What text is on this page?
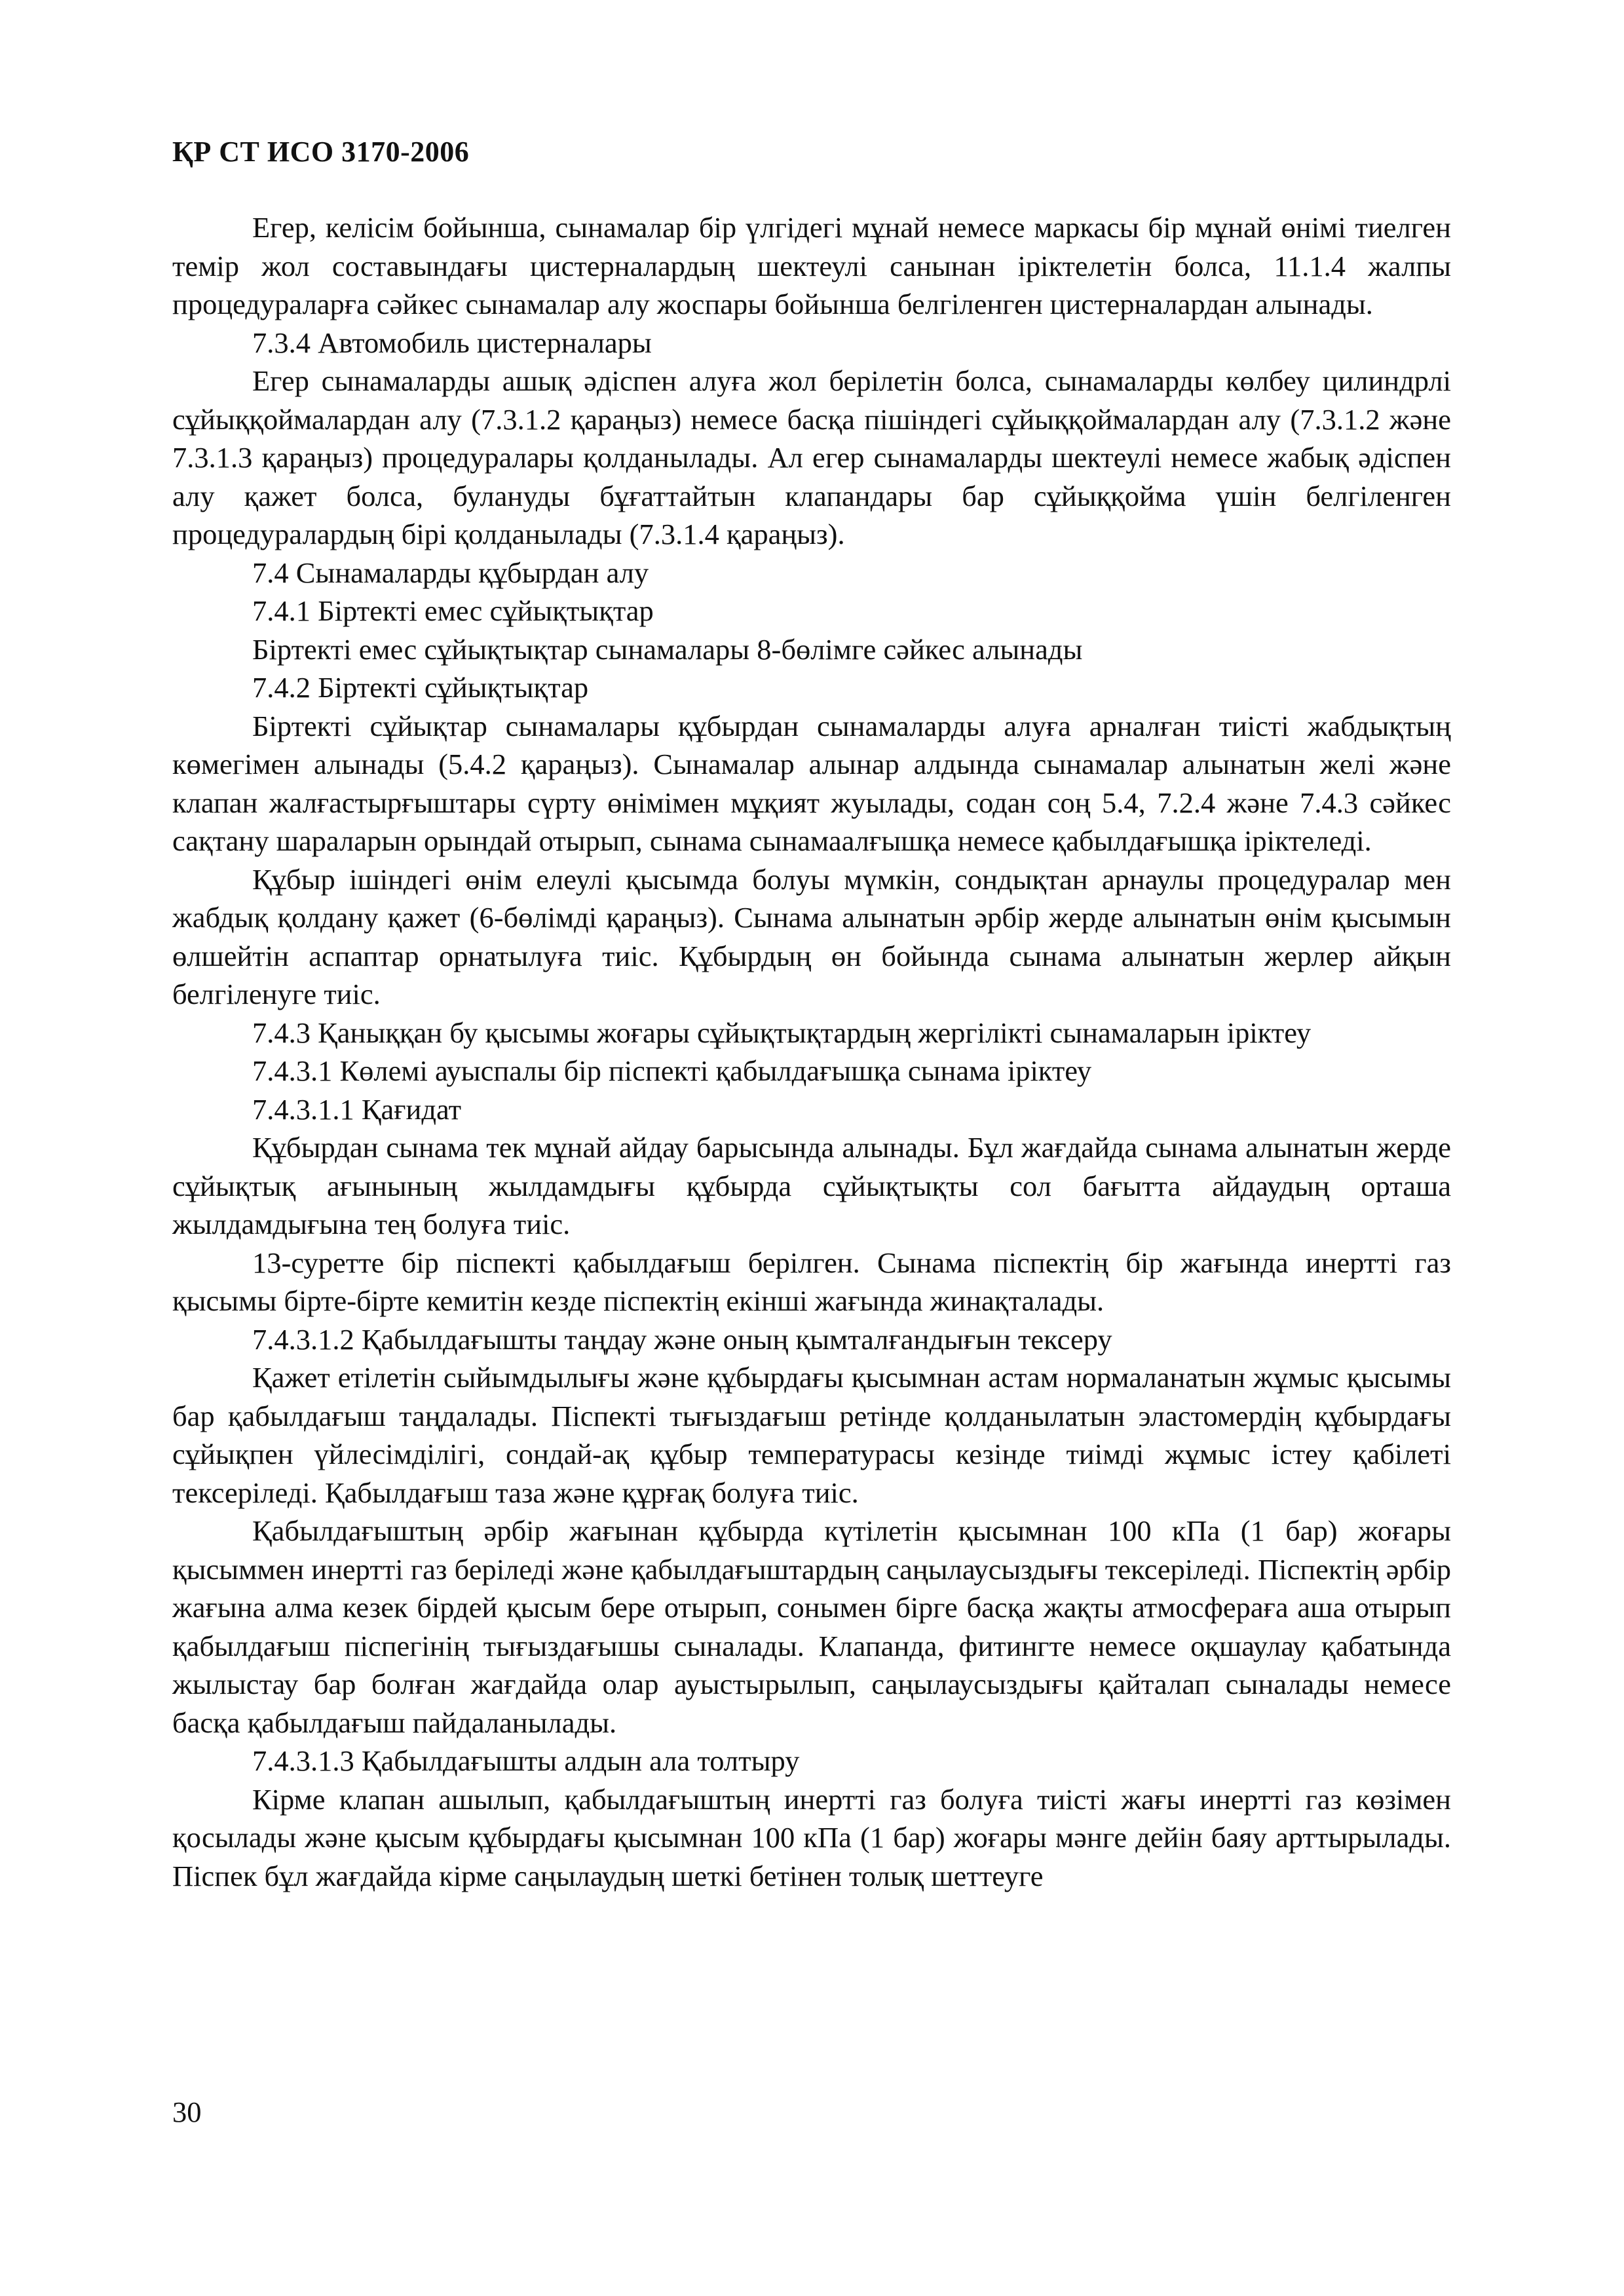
ҚР СТ ИСО 3170-2006

Егер, келісім бойынша, сынамалар бір үлгідегі мұнай немесе маркасы бір мұнай өнімі тиелген темір жол составындағы цистерналардың шектеулі санынан іріктелетін болса, 11.1.4 жалпы процедураларға сәйкес сынамалар алу жоспары бойынша белгіленген цистерналардан алынады.

7.3.4 Автомобиль цистерналары

Егер сынамаларды ашық әдіспен алуға жол берілетін болса, сынамаларды көлбеу цилиндрлі сұйыққоймалардан алу (7.3.1.2 қараңыз) немесе басқа пішіндегі сұйыққоймалардан алу (7.3.1.2 және 7.3.1.3 қараңыз) процедуралары қолданылады. Ал егер сынамаларды шектеулі немесе жабық әдіспен алу қажет болса, булануды бұғаттайтын клапандары бар сұйыққойма үшін белгіленген процедуралардың бірі қолданылады (7.3.1.4 қараңыз).

7.4 Сынамаларды құбырдан алу

7.4.1 Біртекті емес сұйықтықтар

Біртекті емес сұйықтықтар сынамалары 8-бөлімге сәйкес алынады

7.4.2 Біртекті сұйықтықтар

Біртекті сұйықтар сынамалары құбырдан сынамаларды алуға арналған тиісті жабдықтың көмегімен алынады (5.4.2 қараңыз). Сынамалар алынар алдында сынамалар алынатын желі және клапан жалғастырғыштары сүрту өнімімен мұқият жуылады, содан соң 5.4, 7.2.4 және 7.4.3 сәйкес сақтану шараларын орындай отырып, сынама сынамаалғышқа немесе қабылдағышқа іріктеледі.

Құбыр ішіндегі өнім елеулі қысымда болуы мүмкін, сондықтан арнаулы процедуралар мен жабдық қолдану қажет (6-бөлімді қараңыз). Сынама алынатын әрбір жерде алынатын өнім қысымын өлшейтін аспаптар орнатылуға тиіс. Құбырдың өн бойында сынама алынатын жерлер айқын белгіленуге тиіс.

7.4.3 Қаныққан бу қысымы жоғары сұйықтықтардың жергілікті сынамаларын іріктеу

7.4.3.1 Көлемі ауыспалы бір піспекті қабылдағышқа сынама іріктеу

7.4.3.1.1 Қағидат

Құбырдан сынама тек мұнай айдау барысында алынады. Бұл жағдайда сынама алынатын жерде сұйықтық ағынының жылдамдығы құбырда сұйықтықты сол бағытта айдаудың орташа жылдамдығына тең болуға тиіс.

13-суретте бір піспекті қабылдағыш берілген. Сынама піспектің бір жағында инертті газ қысымы бірте-бірте кемитін кезде піспектің екінші жағында жинақталады.

7.4.3.1.2 Қабылдағышты таңдау және оның қымталғандығын тексеру

Қажет етілетін сыйымдылығы және құбырдағы қысымнан астам нормаланатын жұмыс қысымы бар қабылдағыш таңдалады. Піспекті тығыздағыш ретінде қолданылатын эластомердің құбырдағы сұйықпен үйлесімділігі, сондай-ақ құбыр температурасы кезінде тиімді жұмыс істеу қабілеті тексеріледі. Қабылдағыш таза және құрғақ болуға тиіс.

Қабылдағыштың әрбір жағынан құбырда күтілетін қысымнан 100 кПа (1 бар) жоғары қысыммен инертті газ беріледі және қабылдағыштардың саңылаусыздығы тексеріледі. Піспектің әрбір жағына алма кезек бірдей қысым бере отырып, сонымен бірге басқа жақты атмосфераға аша отырып қабылдағыш піспегінің тығыздағышы сыналады. Клапанда, фитингте немесе оқшаулау қабатында жылыстау бар болған жағдайда олар ауыстырылып, саңылаусыздығы қайталап сыналады немесе басқа қабылдағыш пайдаланылады.

7.4.3.1.3 Қабылдағышты алдын ала толтыру

Кірме клапан ашылып, қабылдағыштың инертті газ болуға тиісті жағы инертті газ көзімен қосылады және қысым құбырдағы қысымнан 100 кПа (1 бар) жоғары мәнге дейін баяу арттырылады. Піспек бұл жағдайда кірме саңылаудың шеткі бетінен толық шеттеуге

30
